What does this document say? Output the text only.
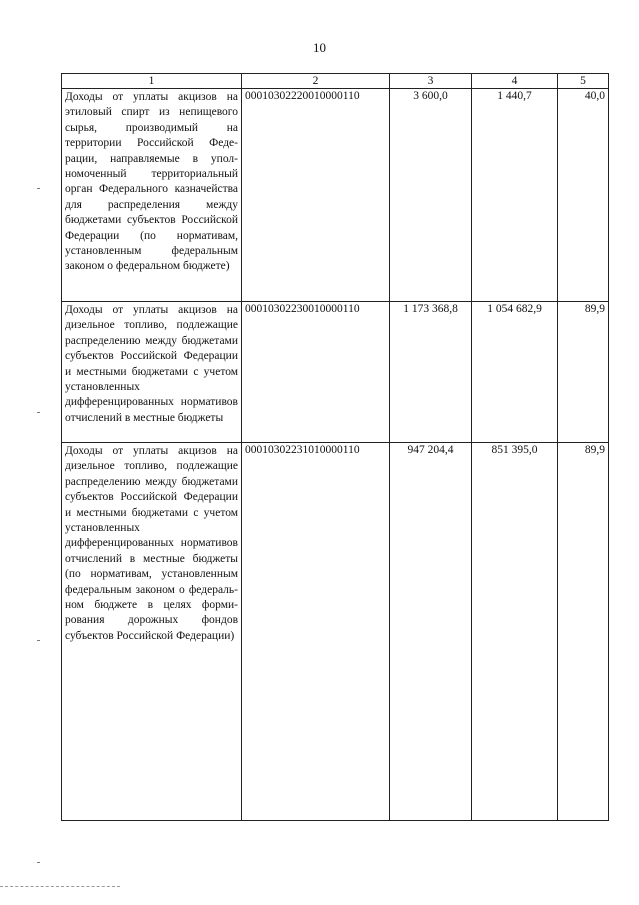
10
1	2	3	4	5
Доходы от уплаты акцизов на этиловый спирт из непищевого сырья, производимый на территории Российской Федерации, направляемые в уполномоченный территориальный орган Федерального казначейства для распределения между бюджетами субъектов Российской Федерации (по нормативам, установленным федеральным законом о федеральном бюджете)	00010302220010000110	3 600,0	1 440,7	40,0
Доходы от уплаты акцизов на дизельное топливо, подлежащие распределению между бюджетами субъектов Российской Федерации и местными бюджетами с учетом установленных дифференцированных нормативов отчислений в местные бюджеты	00010302230010000110	1 173 368,8	1 054 682,9	89,9
Доходы от уплаты акцизов на дизельное топливо, подлежащие распределению между бюджетами субъектов Российской Федерации и местными бюджетами с учетом установленных дифференцированных нормативов отчислений в местные бюджеты (по нормативам, установленным федеральным законом о федеральном бюджете в целях формирования дорожных фондов субъектов Российской Федерации)	00010302231010000110	947 204,4	851 395,0	89,9
